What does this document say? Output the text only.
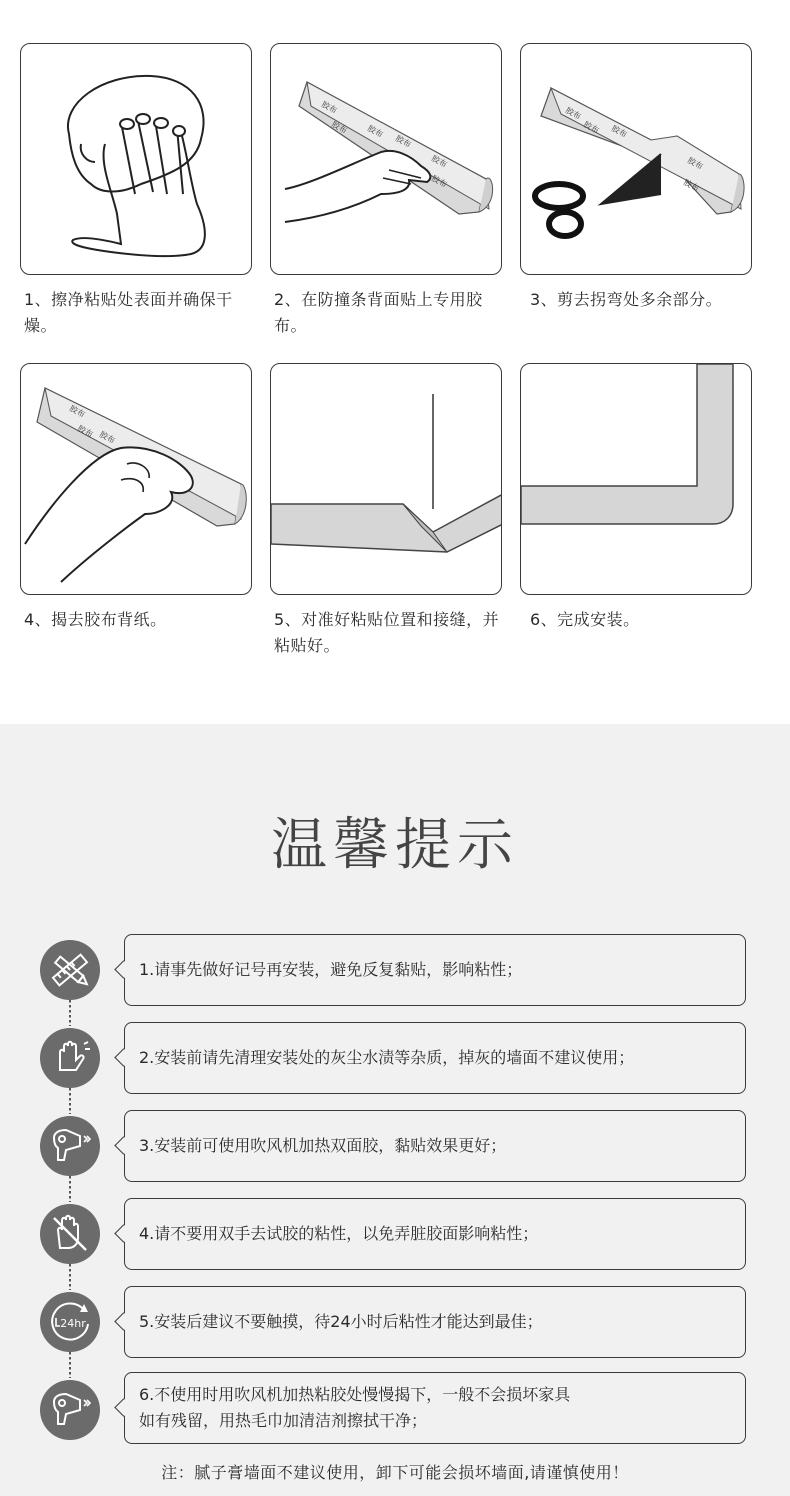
胶布
胶布 胶布
胶布
胶布
胶布
胶布
胶布 胶布
胶布
胶布
胶布
胶布 胶布
1、擦净粘贴处表面并确保干燥。
2、在防撞条背面贴上专用胶布。
3、剪去拐弯处多余部分。
4、揭去胶布背纸。	5、对准好粘贴位置和接缝，并粘贴好。
6、完成安装。
温馨提示
1.请事先做好记号再安装，避免反复黏贴，影响粘性；
2.安装前请先清理安装处的灰尘水渍等杂质，掉灰的墙面不建议使用；
3.安装前可使用吹风机加热双面胶，黏贴效果更好；
4.请不要用双手去试胶的粘性，以免弄脏胶面影响粘性；
24hr	5.安装后建议不要触摸，待24小时后粘性才能达到最佳；
6.不使用时用吹风机加热粘胶处慢慢揭下，一般不会损坏家具
如有残留，用热毛巾加清洁剂擦拭干净；
注：腻子膏墙面不建议使用，卸下可能会损坏墙面,请谨慎使用！
